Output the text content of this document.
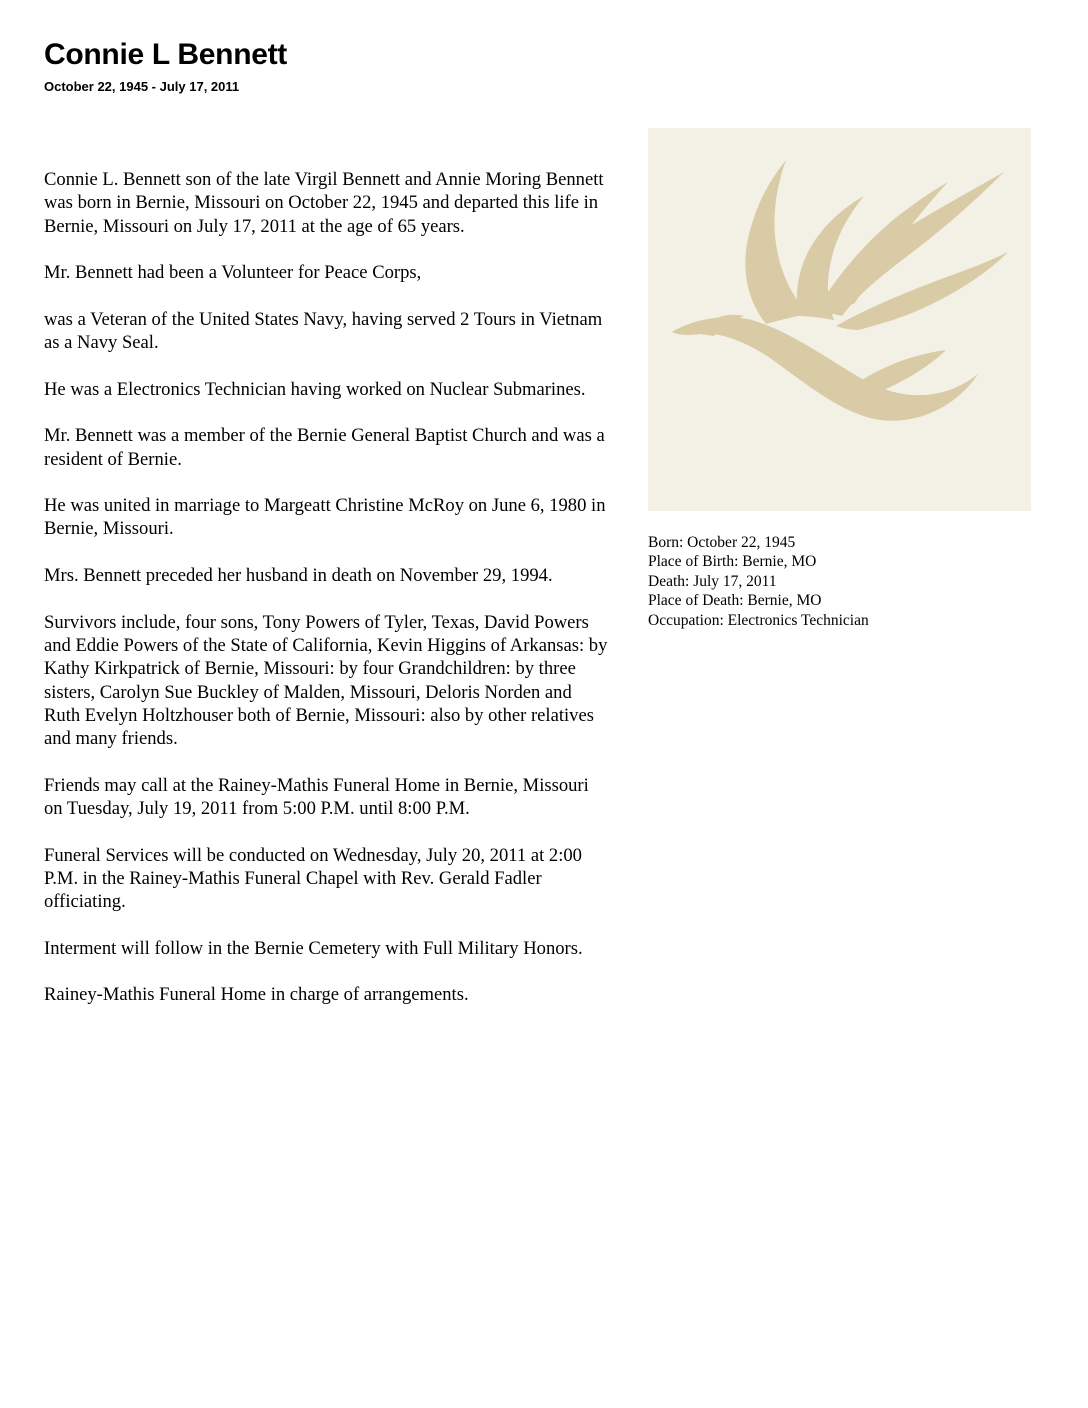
Connie L Bennett
October 22, 1945 - July 17, 2011

Connie L. Bennett son of the late Virgil Bennett and Annie Moring Bennett was born in Bernie, Missouri on October 22, 1945 and departed this life in Bernie, Missouri on July 17, 2011 at the age of 65 years.

Mr. Bennett had been a Volunteer for Peace Corps,

was a Veteran of the United States Navy, having served 2 Tours in Vietnam as a Navy Seal.

He was a Electronics Technician having worked on Nuclear Submarines.

Mr. Bennett was a member of the Bernie General Baptist Church and was a resident of Bernie.

He was united in marriage to Margeatt Christine McRoy on June 6, 1980 in Bernie, Missouri.

Mrs. Bennett preceded her husband in death on November 29, 1994.

Survivors include, four sons, Tony Powers of Tyler, Texas, David Powers and Eddie Powers of the State of California, Kevin Higgins of Arkansas: by Kathy Kirkpatrick of Bernie, Missouri: by four Grandchildren: by three sisters, Carolyn Sue Buckley of Malden, Missouri, Deloris Norden and Ruth Evelyn Holtzhouser both of Bernie, Missouri: also by other relatives and many friends.

Friends may call at the Rainey-Mathis Funeral Home in Bernie, Missouri on Tuesday, July 19, 2011 from 5:00 P.M. until 8:00 P.M.

Funeral Services will be conducted on Wednesday, July 20, 2011 at 2:00 P.M. in the Rainey-Mathis Funeral Chapel with Rev. Gerald Fadler officiating.

Interment will follow in the Bernie Cemetery with Full Military Honors.

Rainey-Mathis Funeral Home in charge of arrangements.

Born: October 22, 1945
Place of Birth: Bernie, MO
Death: July 17, 2011
Place of Death: Bernie, MO
Occupation: Electronics Technician
